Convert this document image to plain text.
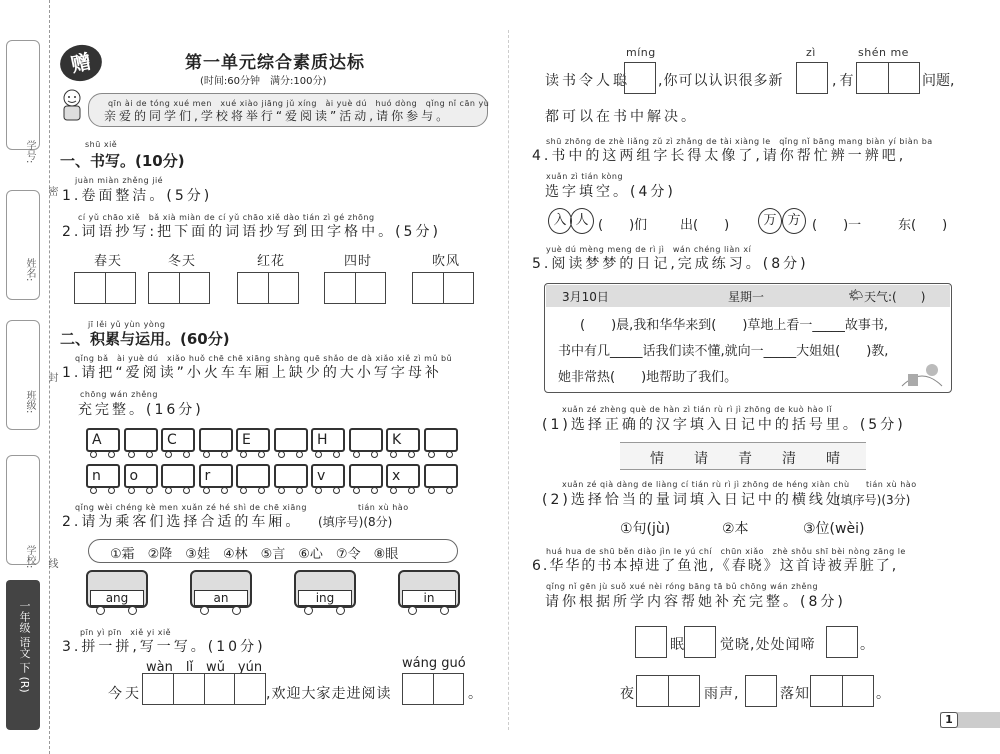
学号:
密
姓名:
封
班级:
学校: 线
一年级 语文 下 (R)
赠	第一单元综合素质达标
(时间:60分钟　满分:100分)
qīn ài de tóng xué men　xué xiào jiāng jǔ xíng　ài yuè dú　huó dòng　qǐng nǐ cān yù
亲爱的同学们,学校将举行“爱阅读”活动,请你参与。
shū xiě
一、书写。(10分)
juàn miàn zhěng jié
1.卷面整洁。(5分)
cí yǔ chāo xiě　bǎ xià miàn de cí yǔ chāo xiě dào tián zì gé zhōng
2.词语抄写:把下面的词语抄写到田字格中。(5分)
jī lěi yǔ yùn yòng
二、积累与运用。(60分)
qǐng bǎ　ài yuè dú　xiǎo huǒ chē chē xiāng shàng quē shǎo de dà xiǎo xiě zì mǔ bǔ
1.请把“爱阅读”小火车车厢上缺少的大小写字母补
chōng wán zhěng
充完整。(16分)
qǐng wèi chéng kè men xuǎn zé hé shì de chē xiāng	tián xù hào
2.请为乘客们选择合适的车厢。 (填序号)(8分)
①霜　②降　③娃　④林　⑤言　⑥心　⑦令　⑧眼
pīn yì pīn　xiě yi xiě
3.拼一拼,写一写。(10分)
wàn　lǐ　wǔ　yún	wáng guó
今天	,欢迎大家走进阅读	。
míng	zì	shén me
读书令人聪 ,你可以认识很多新	,有	问题,
都可以在书中解决。
shū zhōng de zhè liǎng zǔ zì zhǎng de tài xiàng le　qǐng nǐ bāng mang biàn yí biàn ba
4.书中的这两组字长得太像了,请你帮忙辨一辨吧,
xuǎn zì tián kòng
选字填空。(4分)
yuè dú mèng meng de rì jì　wán chéng liàn xí
5.阅读梦梦的日记,完成练习。(8分)
3月10日	星期一	🌤 天气:(　　)
(　　)晨,我和华华来到(　　)草地上看一_____故事书,
书中有几_____话我们读不懂,就向一_____大姐姐(　　)教,
她非常热(　　)地帮助了我们。
xuǎn zé zhèng què de hàn zì tián rù rì jì zhōng de kuò hào lǐ
(1)选择正确的汉字填入日记中的括号里。(5分)
xuǎn zé qià dàng de liàng cí tián rù rì jì zhōng de héng xiàn chù tián xù hào
(2)选择恰当的量词填入日记中的横线处
(填序号)(3分)
huá hua de shū běn diào jìn le yú chí　chūn xiǎo　zhè shǒu shī bèi nòng zāng le
6.华华的书本掉进了鱼池,《春晓》这首诗被弄脏了,
qǐng nǐ gēn jù suǒ xué nèi róng bāng tā bǔ chōng wán zhěng
请你根据所学内容帮她补充完整。(8分)
眠 觉晓,处处闻啼	。
夜	雨声,	落知	。
1
春天	冬天	红花	四时	吹风
A	C	E	H	K
n	o	r	v	x
ang	an	ing	in
入 人	万 方
(　　)们	出(　　)	(　　)一	东(　　)
情 请 青 清 晴
①句(jù)	②本	③位(wèi)
